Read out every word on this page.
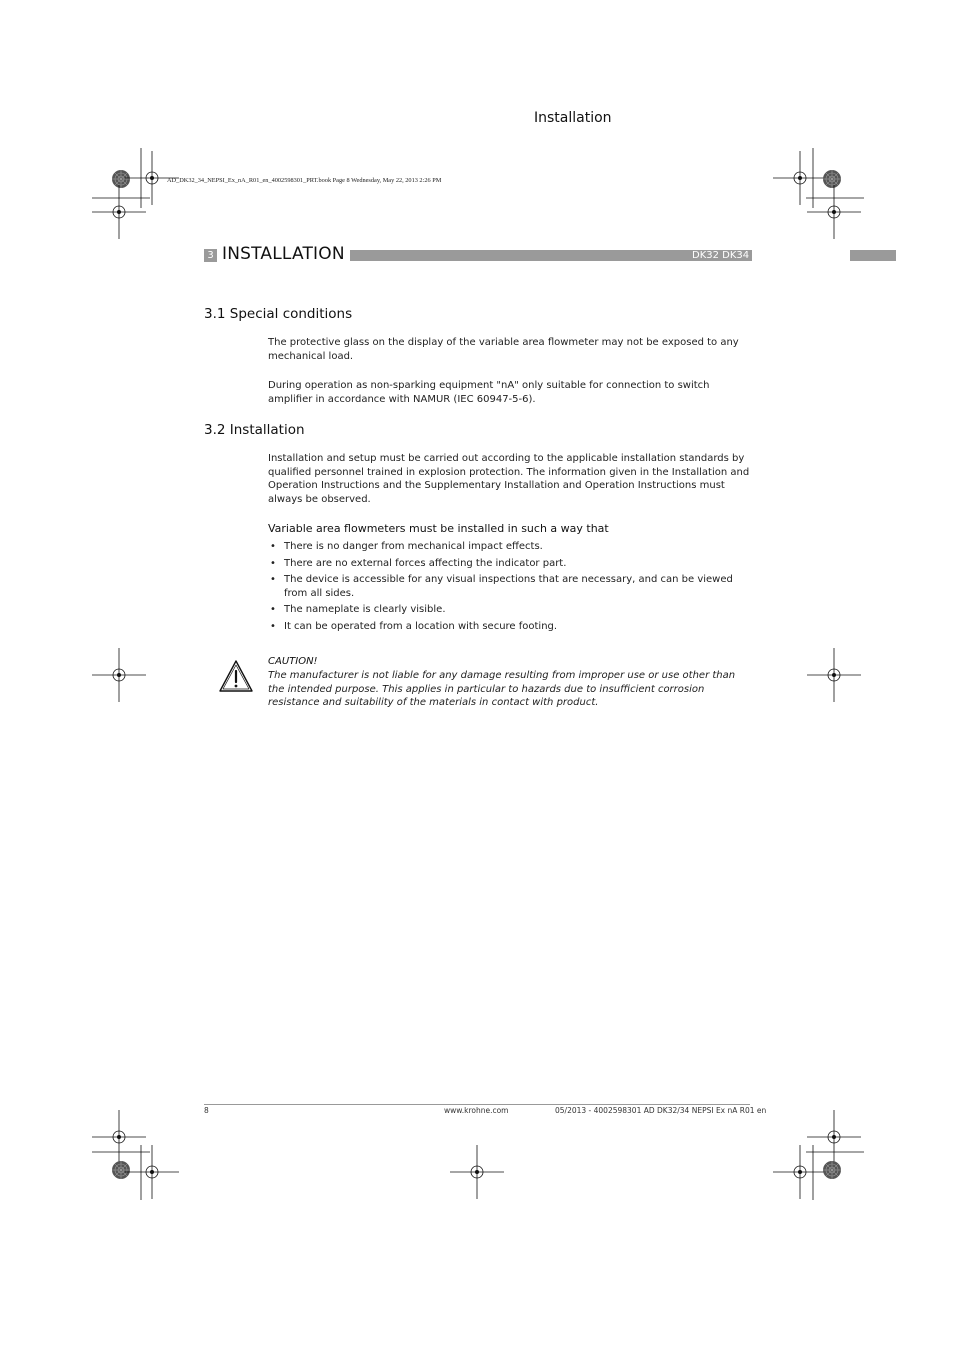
Installation
AD_DK32_34_NEPSI_Ex_nA_R01_en_4002598301_PRT.book Page 8 Wednesday, May 22, 2013 2:26 PM
3 INSTALLATION	DK32 DK34
3.1 Special conditions
The protective glass on the display of the variable area flowmeter may not be exposed to any mechanical load.
During operation as non-sparking equipment "nA" only suitable for connection to switch amplifier in accordance with NAMUR (IEC 60947-5-6).
3.2 Installation
Installation and setup must be carried out according to the applicable installation standards by qualified personnel trained in explosion protection. The information given in the Installation and Operation Instructions and the Supplementary Installation and Operation Instructions must always be observed.
Variable area flowmeters must be installed in such a way that
• There is no danger from mechanical impact effects.
• There are no external forces affecting the indicator part.
• The device is accessible for any visual inspections that are necessary, and can be viewed from all sides.
• The nameplate is clearly visible.
• It can be operated from a location with secure footing.
CAUTION!
The manufacturer is not liable for any damage resulting from improper use or use other than the intended purpose. This applies in particular to hazards due to insufficient corrosion resistance and suitability of the materials in contact with product.
8	www.krohne.com	05/2013 - 4002598301 AD DK32/34 NEPSI Ex nA R01 en
